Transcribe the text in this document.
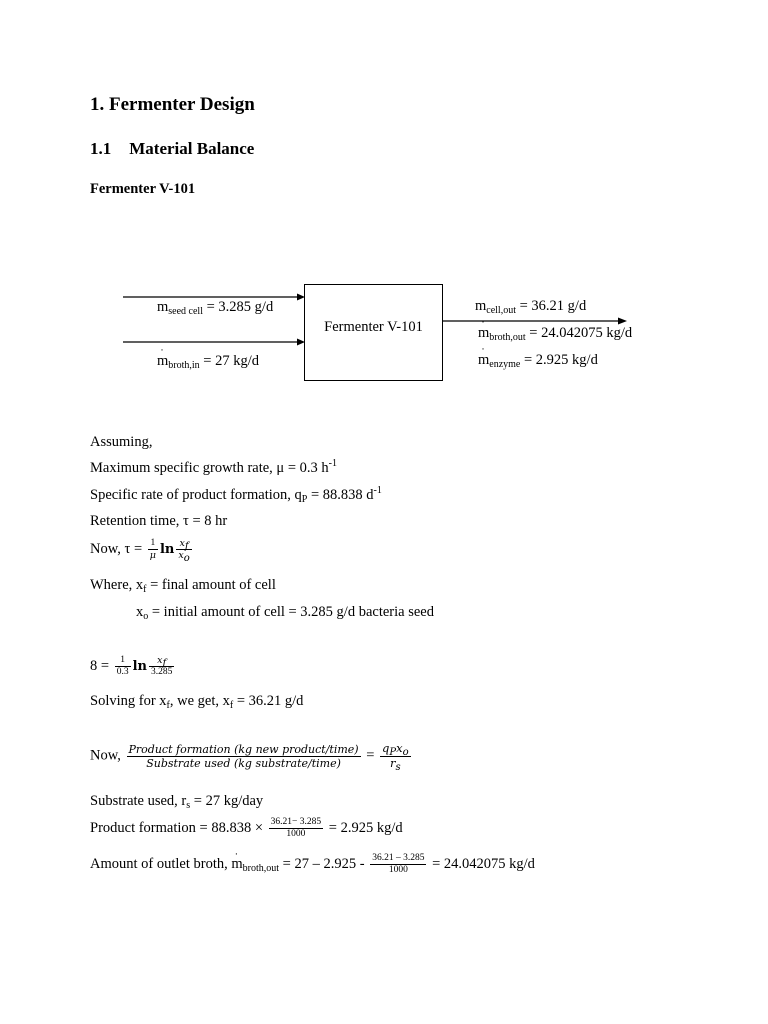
1. Fermenter Design
1.1 Material Balance
Fermenter V-101
Fermenter V-101
$m_{seed cell} = 3.285$ g/d
˙ $m_{broth,in} = 27$ kg/d
$m_{cell,out} = 36.21$ g/d
˙ $m_{broth,out} = 24.042075$ kg/d
˙ $m_{enzyme} = 2.925$ kg/d
Assuming,
Maximum specific growth rate, μ = 0.3 $h^{-1}$
Specific rate of product formation, $q_P = 88.838$ $d^{-1}$
Retention time, τ = 8 hr
Now, $\tau = \frac{1}{\mu}$ $\ln \frac{x_f}{x_o}$
Where, $x_f$ = final amount of cell
$x_o$ = initial amount of cell = 3.285 g/d bacteria seed
$8 = \frac{1}{0.3}$ $\ln \frac{x_f}{3.285}$
Solving for $x_f$, we get, $x_f = 36.21$ g/d
Now, $\frac{\text{Product formation (kg new product/time)}}{\text{Substrate used (kg substrate/time)}} = \frac{q_Px_o}{r_s}$
Substrate used, $r_s = 27$ kg/day
Product formation = $88.838 \times \frac{36.21- 3.285}{1000} = 2.925$ kg/d
Amount of outlet broth, ˙ $m_{broth,out} = 27 - 2.925 - \frac{36.21 - 3.285}{1000} = 24.042075$ kg/d
